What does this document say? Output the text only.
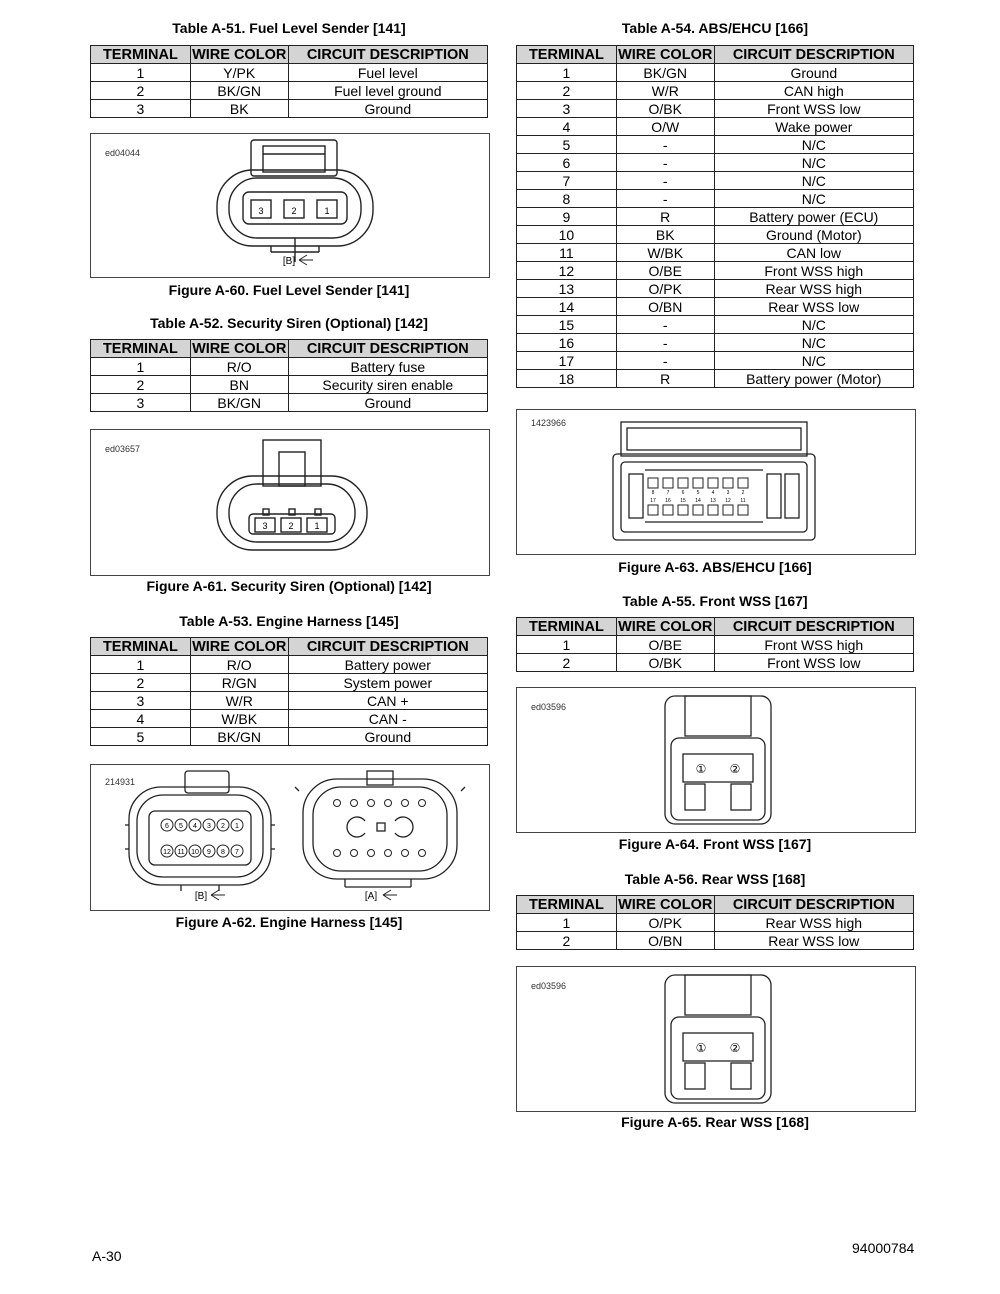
Table A-51. Fuel Level Sender [141]
TERMINAL	WIRE COLOR	CIRCUIT DESCRIPTION
1	Y/PK	Fuel level
2	BK/GN	Fuel level ground
3	BK	Ground
ed04044
3	2	1
[B]
Figure A-60. Fuel Level Sender [141]
Table A-52. Security Siren (Optional) [142]
TERMINAL	WIRE COLOR	CIRCUIT DESCRIPTION
1	R/O	Battery fuse
2	BN	Security siren enable
3	BK/GN	Ground
ed03657
3 2 1
Figure A-61. Security Siren (Optional) [142]
Table A-53. Engine Harness [145]
TERMINAL	WIRE COLOR	CIRCUIT DESCRIPTION
1	R/O	Battery power
2	R/GN	System power
3	W/R	CAN +
4	W/BK	CAN -
5	BK/GN	Ground
214931
6 5 4 3 2 1
12 11 10 9 8 7
[B]	[A]
Figure A-62. Engine Harness [145]
Table A-54. ABS/EHCU [166]
TERMINAL	WIRE COLOR	CIRCUIT DESCRIPTION
1	BK/GN	Ground
2	W/R	CAN high
3	O/BK	Front WSS low
4	O/W	Wake power
5	-	N/C
6	-	N/C
7	-	N/C
8	-	N/C
9	R	Battery power (ECU)
10	BK	Ground (Motor)
11	W/BK	CAN low
12	O/BE	Front WSS high
13	O/PK	Rear WSS high
14	O/BN	Rear WSS low
15	-	N/C
16	-	N/C
17	-	N/C
18	R	Battery power (Motor)
1423966
8 7 6 5 4 3 2
17 16 15 14 13 12 11
Figure A-63. ABS/EHCU [166]
Table A-55. Front WSS [167]
TERMINAL	WIRE COLOR	CIRCUIT DESCRIPTION
1	O/BE	Front WSS high
2	O/BK	Front WSS low
ed03596
① ②
Figure A-64. Front WSS [167]
Table A-56. Rear WSS [168]
TERMINAL	WIRE COLOR	CIRCUIT DESCRIPTION
1	O/PK	Rear WSS high
2	O/BN	Rear WSS low
ed03596
① ②
Figure A-65. Rear WSS [168]
A-30	94000784
